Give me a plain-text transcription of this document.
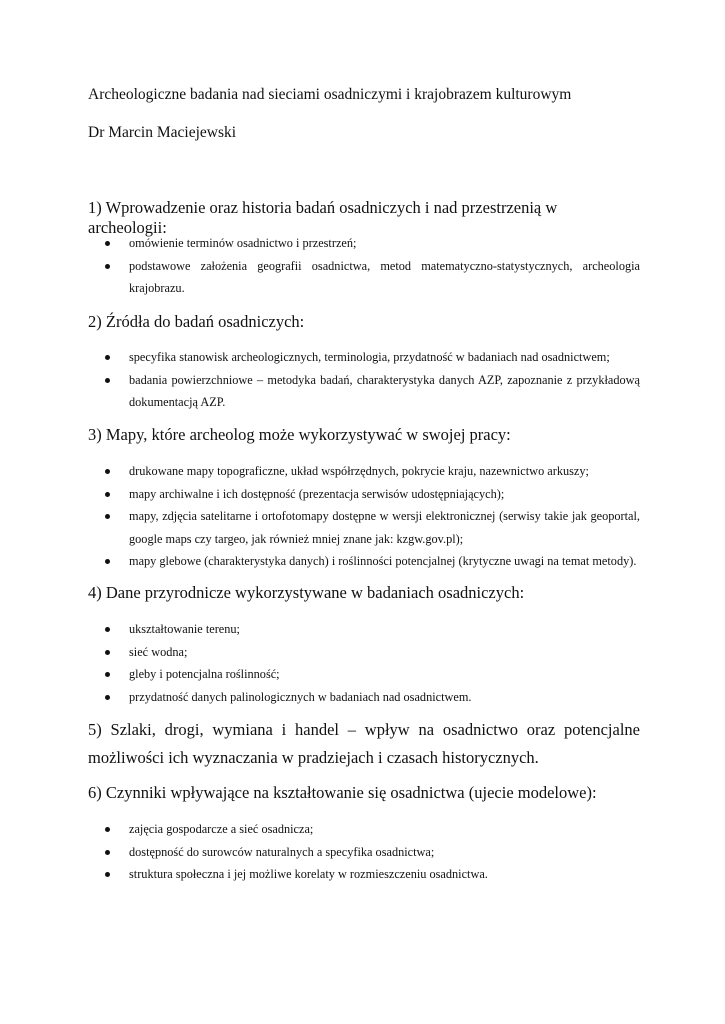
Archeologiczne badania nad sieciami osadniczymi i krajobrazem kulturowym

Dr Marcin Maciejewski

1) Wprowadzenie oraz historia badań osadniczych i nad przestrzenią w archeologii:
omówienie terminów osadnictwo i przestrzeń;
podstawowe założenia geografii osadnictwa, metod matematyczno-statystycznych, archeologia krajobrazu.
2) Źródła do badań osadniczych:
specyfika stanowisk archeologicznych, terminologia, przydatność w badaniach nad osadnictwem;
badania powierzchniowe – metodyka badań, charakterystyka danych AZP, zapoznanie z przykładową dokumentacją AZP.
3) Mapy, które archeolog może wykorzystywać w swojej pracy:
drukowane mapy topograficzne, układ współrzędnych, pokrycie kraju, nazewnictwo arkuszy;
mapy archiwalne i ich dostępność (prezentacja serwisów udostępniających);
mapy, zdjęcia satelitarne i ortofotomapy dostępne w wersji elektronicznej (serwisy takie jak geoportal, google maps czy targeo, jak również mniej znane jak: kzgw.gov.pl);
mapy glebowe (charakterystyka danych) i roślinności potencjalnej (krytyczne uwagi na temat metody).
4) Dane przyrodnicze wykorzystywane w badaniach osadniczych:
ukształtowanie terenu;
sieć wodna;
gleby i potencjalna roślinność;
przydatność danych palinologicznych w badaniach nad osadnictwem.
5) Szlaki, drogi, wymiana i handel – wpływ na osadnictwo oraz potencjalne możliwości ich wyznaczania w pradziejach i czasach historycznych.
6) Czynniki wpływające na kształtowanie się osadnictwa (ujecie modelowe):
zajęcia gospodarcze a sieć osadnicza;
dostępność do surowców naturalnych a specyfika osadnictwa;
struktura społeczna i jej możliwe korelaty w rozmieszczeniu osadnictwa.
